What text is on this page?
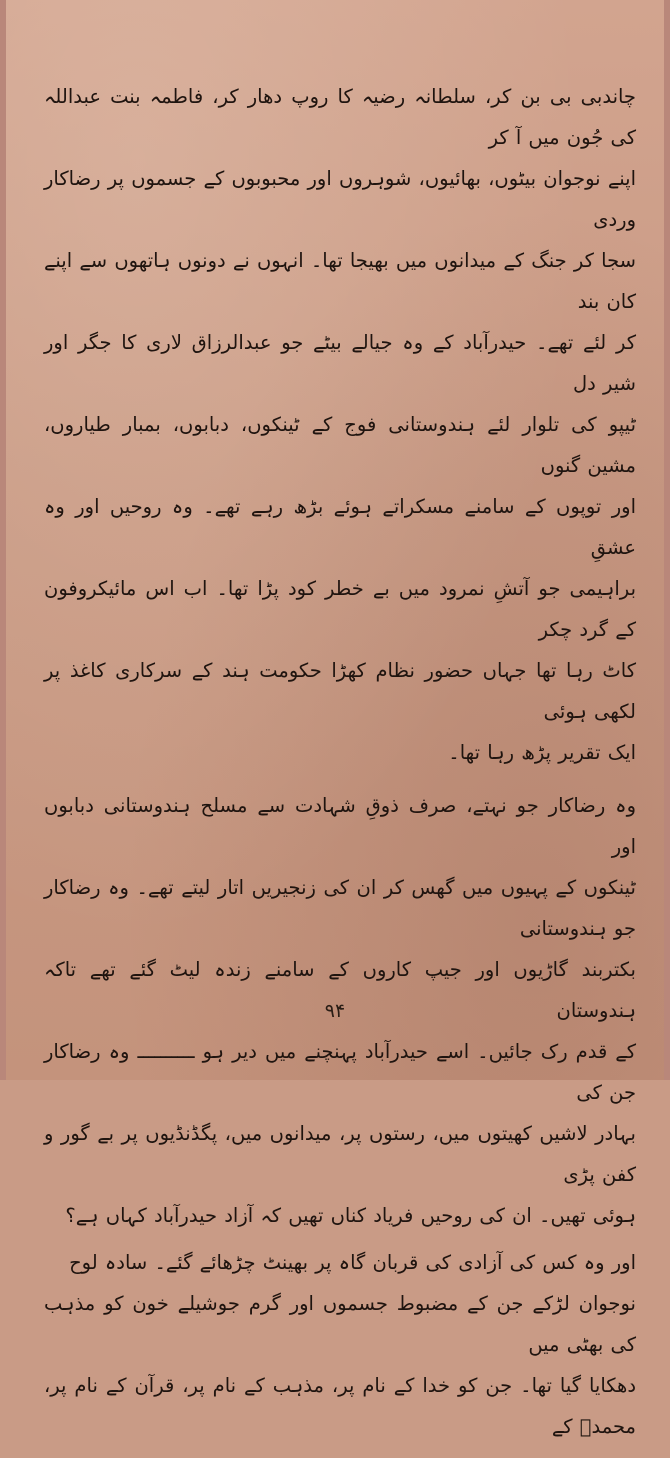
چاندبی بی بن کر، سلطانہ رضیہ کا روپ دھار کر، فاطمہ بنت عبداللہ کی جُون میں آ کر
اپنے نوجوان بیٹوں، بھائیوں، شوہروں اور محبوبوں کے جسموں پر رضاکار وردی
سجا کر جنگ کے میدانوں میں بھیجا تھا۔ انہوں نے دونوں ہاتھوں سے اپنے کان بند
کر لئے تھے۔ حیدرآباد کے وہ جیالے بیٹے جو عبدالرزاق لاری کا جگر اور شیر دل
ٹیپو کی تلوار لئے ہندوستانی فوج کے ٹینکوں، دبابوں، بمبار طیاروں، مشین گنوں
اور توپوں کے سامنے مسکراتے ہوئے بڑھ رہے تھے۔ وہ روحیں اور وہ عشقِ
براہیمی جو آتشِ نمرود میں بے خطر کود پڑا تھا۔ اب اس مائیکروفون کے گرد چکر
کاٹ رہا تھا جہاں حضور نظام کھڑا حکومت ہند کے سرکاری کاغذ پر لکھی ہوئی
ایک تقریر پڑھ رہا تھا۔

وہ رضاکار جو نہتے، صرف ذوقِ شہادت سے مسلح ہندوستانی دبابوں اور
ٹینکوں کے پہیوں میں گھس کر ان کی زنجیریں اتار لیتے تھے۔ وہ رضاکار جو ہندوستانی
بکتربند گاڑیوں اور جیپ کاروں کے سامنے زندہ لیٹ گئے تھے تاکہ ہندوستان
کے قدم رک جائیں۔ اسے حیدرآباد پہنچنے میں دیر ہو ــــــــــ وہ رضاکار جن کی
بہادر لاشیں کھیتوں میں، رستوں پر، میدانوں میں، پگڈنڈیوں پر بے گور و کفن پڑی
ہوئی تھیں۔ ان کی روحیں فریاد کناں تھیں کہ آزاد حیدرآباد کہاں ہے؟

اور وہ کس کی آزادی کی قربان گاہ پر بھینٹ چڑھائے گئے۔ سادہ لوح
نوجوان لڑکے جن کے مضبوط جسموں اور گرم جوشیلے خون کو مذہب کی بھٹی میں
دھکایا گیا تھا۔ جن کو خدا کے نام پر، مذہب کے نام پر، قرآن کے نام پر، محمدؐ کے

۹۴
